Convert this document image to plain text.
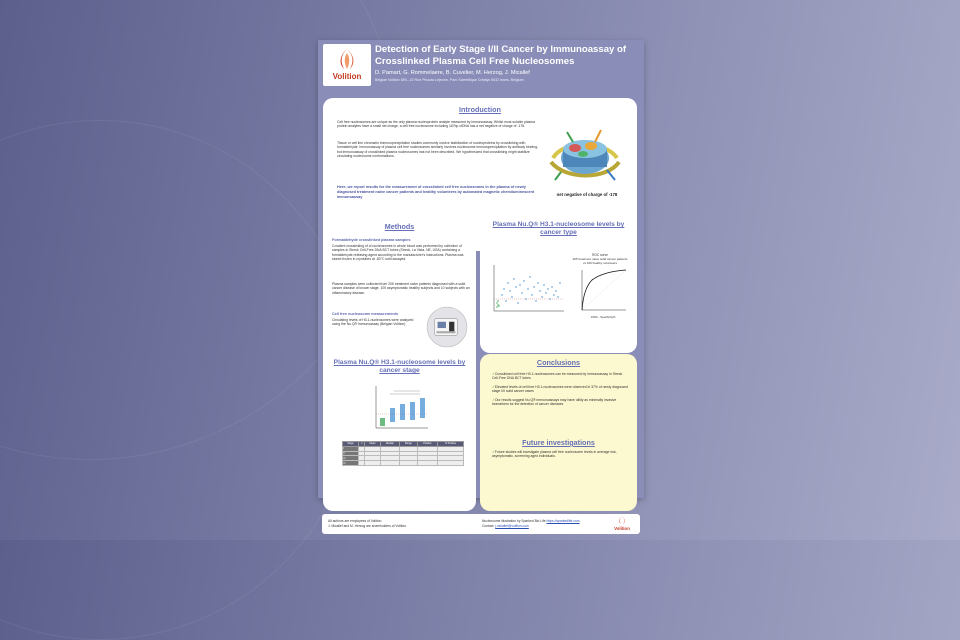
Volition
Detection of Early Stage I/II Cancer by Immunoassay of Crosslinked Plasma Cell Free Nucleosomes
D. Pamart, G. Rommelaere, B. Cuvelier, M. Herzog, J. Micallef
Belgian Volition SRL, 22 Rue Phocas Lejeune, Parc Scientifique Créalys 5032 Isnes, Belgium
Introduction
Cell free nucleosomes are unique as the only plasma nucleoprotein analyte measured by immunoassay. Whilst most soluble plasma protein analytes have a small net charge, a cell free nucleosome including 167bp cfDNA has a net negative of charge of -178.
Tissue or cell line chromatin immunoprecipitation studies commonly involve stabilization of nucleoproteins by crosslinking with formaldehyde. Immunoassay of plasma cell free nucleosomes similarly involves nucleosome immunoprecipitation by antibody binding, but immunoassay of crosslinked plasma nucleosomes has not been described. We hypothesized that crosslinking might stabilize circulating nucleosome conformations.
Here, we report results for the measurement of crosslinked cell free nucleosomes in the plasma of newly diagnosed treatment naive cancer patients and healthy volunteers by automated magnetic chemiluminescent immunoassay	net negative of charge of -178
Methods
Formaldehyde crosslinked plasma samples
Covalent crosslinking of cf-nucleosomes in whole blood was performed by collection of samples in Streck Cell-Free DNA BCT tubes (Streck, La Vista, NE, USA) containing a formaldehyde-releasing agent according to the manufacturer's instructions. Plasma was stored frozen in cryotubes at -80°C until assayed.
Plasma samples were collected from 205 treatment naive patients diagnosed with a solid cancer disease of known stage, 100 asymptomatic healthy subjects and 10 subjects with an inflammatory disease.
Cell free nucleosome measurements
Circulating levels of H3.1-nucleosomes were analyzed using the Nu.Q® immunoassay (Belgian Volition)
Plasma Nu.Q® H3.1-nucleosome levels by cancer type
ROC curve
205 treatment naive solid cancer patients
vs 100 healthy volunteers
100% - Specificity%
Plasma Nu.Q® H3.1-nucleosome levels by cancer stage
Stage	n	Mean	Median	Range	Positive	% Positive
I						
II						
III						
IV						
Conclusions
✓ Crosslinked cell free H3.1-nucleosomes can be measured by immunoassay in Streck Cell-Free DNA BCT tubes
✓ Elevated levels of cell free H3.1-nucleosomes were observed in 37% of newly diagnosed stage I/II solid cancer cases
✓ Our results suggest Nu.Q® immunoassays may have utility as minimally invasive biomarkers for the detection of cancer diseases
Future investigations
✓ Future studies will investigate plasma cell free nucleosome levels in average risk, asymptomatic, screening aged individuals.
All authors are employees of Volition.
J. Micallef and M. Herzog are shareholders of Volition.
Nucleosome illustration by Sparked Bio Life https://sparkedlife.com
Contact: j.micallef@volition.com	Volition
